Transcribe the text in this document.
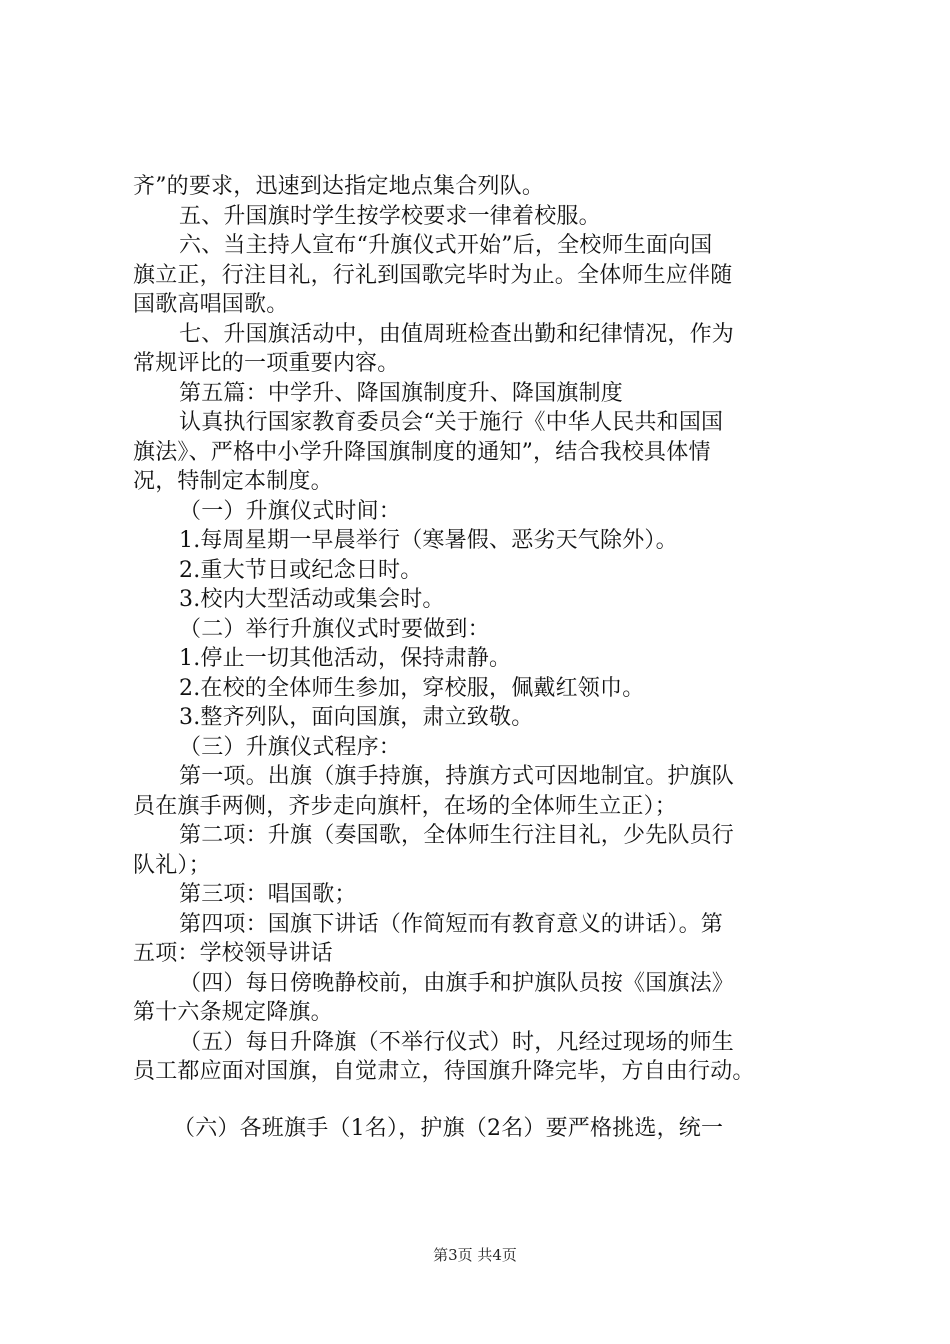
齐”的要求，迅速到达指定地点集合列队。
五、升国旗时学生按学校要求一律着校服。
六、当主持人宣布“升旗仪式开始”后，全校师生面向国
旗立正，行注目礼，行礼到国歌完毕时为止。全体师生应伴随
国歌高唱国歌。
七、升国旗活动中，由值周班检查出勤和纪律情况，作为
常规评比的一项重要内容。
第五篇：中学升、降国旗制度升、降国旗制度
认真执行国家教育委员会“关于施行《中华人民共和国国
旗法》、严格中小学升降国旗制度的通知”，结合我校具体情
况，特制定本制度。
（一）升旗仪式时间：
1.每周星期一早晨举行（寒暑假、恶劣天气除外）。
2.重大节日或纪念日时。
3.校内大型活动或集会时。
（二）举行升旗仪式时要做到：
1.停止一切其他活动，保持肃静。
2.在校的全体师生参加，穿校服，佩戴红领巾。
3.整齐列队，面向国旗，肃立致敬。
（三）升旗仪式程序：
第一项。出旗（旗手持旗，持旗方式可因地制宜。护旗队
员在旗手两侧，齐步走向旗杆，在场的全体师生立正）；
第二项：升旗（奏国歌，全体师生行注目礼，少先队员行
队礼）；
第三项：唱国歌；
第四项：国旗下讲话（作简短而有教育意义的讲话）。第
五项：学校领导讲话
（四）每日傍晚静校前，由旗手和护旗队员按《国旗法》
第十六条规定降旗。
（五）每日升降旗（不举行仪式）时，凡经过现场的师生
员工都应面对国旗，自觉肃立，待国旗升降完毕，方自由行动。
（六）各班旗手（1名），护旗（2名）要严格挑选，统一
第3页 共4页
